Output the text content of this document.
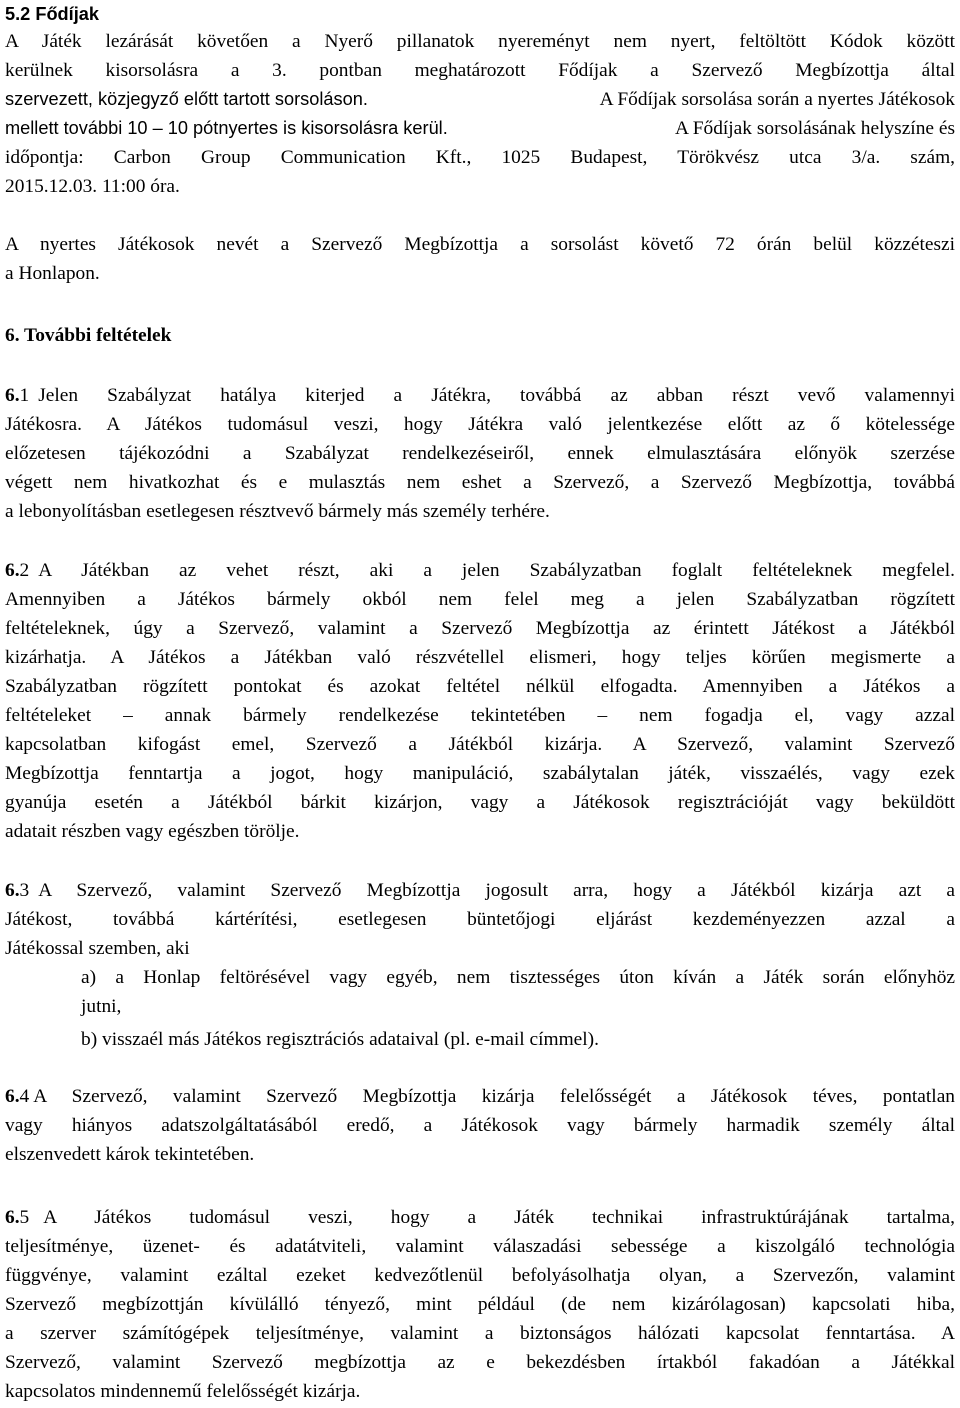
5.2 Fődíjak
A Játék lezárását követően a Nyerő pillanatok nyereményt nem nyert, feltöltött Kódok között
kerülnek kisorsolásra a 3. pontban meghatározott Fődíjak a Szervező Megbízottja által
szervezett, közjegyző előtt tartott sorsoláson.	A Fődíjak sorsolása során a nyertes Játékosok
mellett további 10 – 10 pótnyertes is kisorsolásra kerül.	A Fődíjak sorsolásának helyszíne és
időpontja: Carbon Group Communication Kft., 1025 Budapest, Törökvész utca 3/a. szám,
2015.12.03. 11:00 óra.
A nyertes Játékosok nevét a Szervező Megbízottja a sorsolást követő 72 órán belül közzéteszi
a Honlapon.
6. További feltételek
6. 1 Jelen Szabályzat hatálya kiterjed a Játékra, továbbá az abban részt vevő valamennyi
Játékosra. A Játékos tudomásul veszi, hogy Játékra való jelentkezése előtt az ő kötelessége
előzetesen tájékozódni a Szabályzat rendelkezéseiről, ennek elmulasztására előnyök szerzése
végett nem hivatkozhat és e mulasztás nem eshet a Szervező, a Szervező Megbízottja, továbbá
a lebonyolításban esetlegesen résztvevő bármely más személy terhére.
6. 2 A Játékban az vehet részt, aki a jelen Szabályzatban foglalt feltételeknek megfelel.
Amennyiben a Játékos bármely okból nem felel meg a jelen Szabályzatban rögzített
feltételeknek, úgy a Szervező, valamint a Szervező Megbízottja az érintett Játékost a Játékból
kizárhatja. A Játékos a Játékban való részvétellel elismeri, hogy teljes körűen megismerte a
Szabályzatban rögzített pontokat és azokat feltétel nélkül elfogadta. Amennyiben a Játékos a
feltételeket – annak bármely rendelkezése tekintetében – nem fogadja el, vagy azzal
kapcsolatban kifogást emel, Szervező a Játékból kizárja. A Szervező, valamint Szervező
Megbízottja fenntartja a jogot, hogy manipuláció, szabálytalan játék, visszaélés, vagy ezek
gyanúja esetén a Játékból bárkit kizárjon, vagy a Játékosok regisztrációját vagy beküldött
adatait részben vagy egészben törölje.
6. 3 A Szervező, valamint Szervező Megbízottja jogosult arra, hogy a Játékból kizárja azt a
Játékost, továbbá kártérítési, esetlegesen büntetőjogi eljárást kezdeményezzen azzal a
Játékossal szemben, aki
a) a Honlap feltörésével vagy egyéb, nem tisztességes úton kíván a Játék során előnyhöz
jutni,
b) visszaél más Játékos regisztrációs adataival (pl. e-mail címmel).
6. 4 A Szervező, valamint Szervező Megbízottja kizárja felelősségét a Játékosok téves, pontatlan
vagy hiányos adatszolgáltatásából eredő, a Játékosok vagy bármely harmadik személy által
elszenvedett károk tekintetében.
6. 5 A Játékos tudomásul veszi, hogy a Játék technikai infrastruktúrájának tartalma,
teljesítménye, üzenet- és adatátviteli, valamint válaszadási sebessége a kiszolgáló technológia
függvénye, valamint ezáltal ezeket kedvezőtlenül befolyásolhatja olyan, a Szervezőn, valamint
Szervező megbízottján kívülálló tényező, mint például (de nem kizárólagosan) kapcsolati hiba,
a szerver számítógépek teljesítménye, valamint a biztonságos hálózati kapcsolat fenntartása. A
Szervező, valamint Szervező megbízottja az e bekezdésben írtakból fakadóan a Játékkal
kapcsolatos mindennemű felelősségét kizárja.
